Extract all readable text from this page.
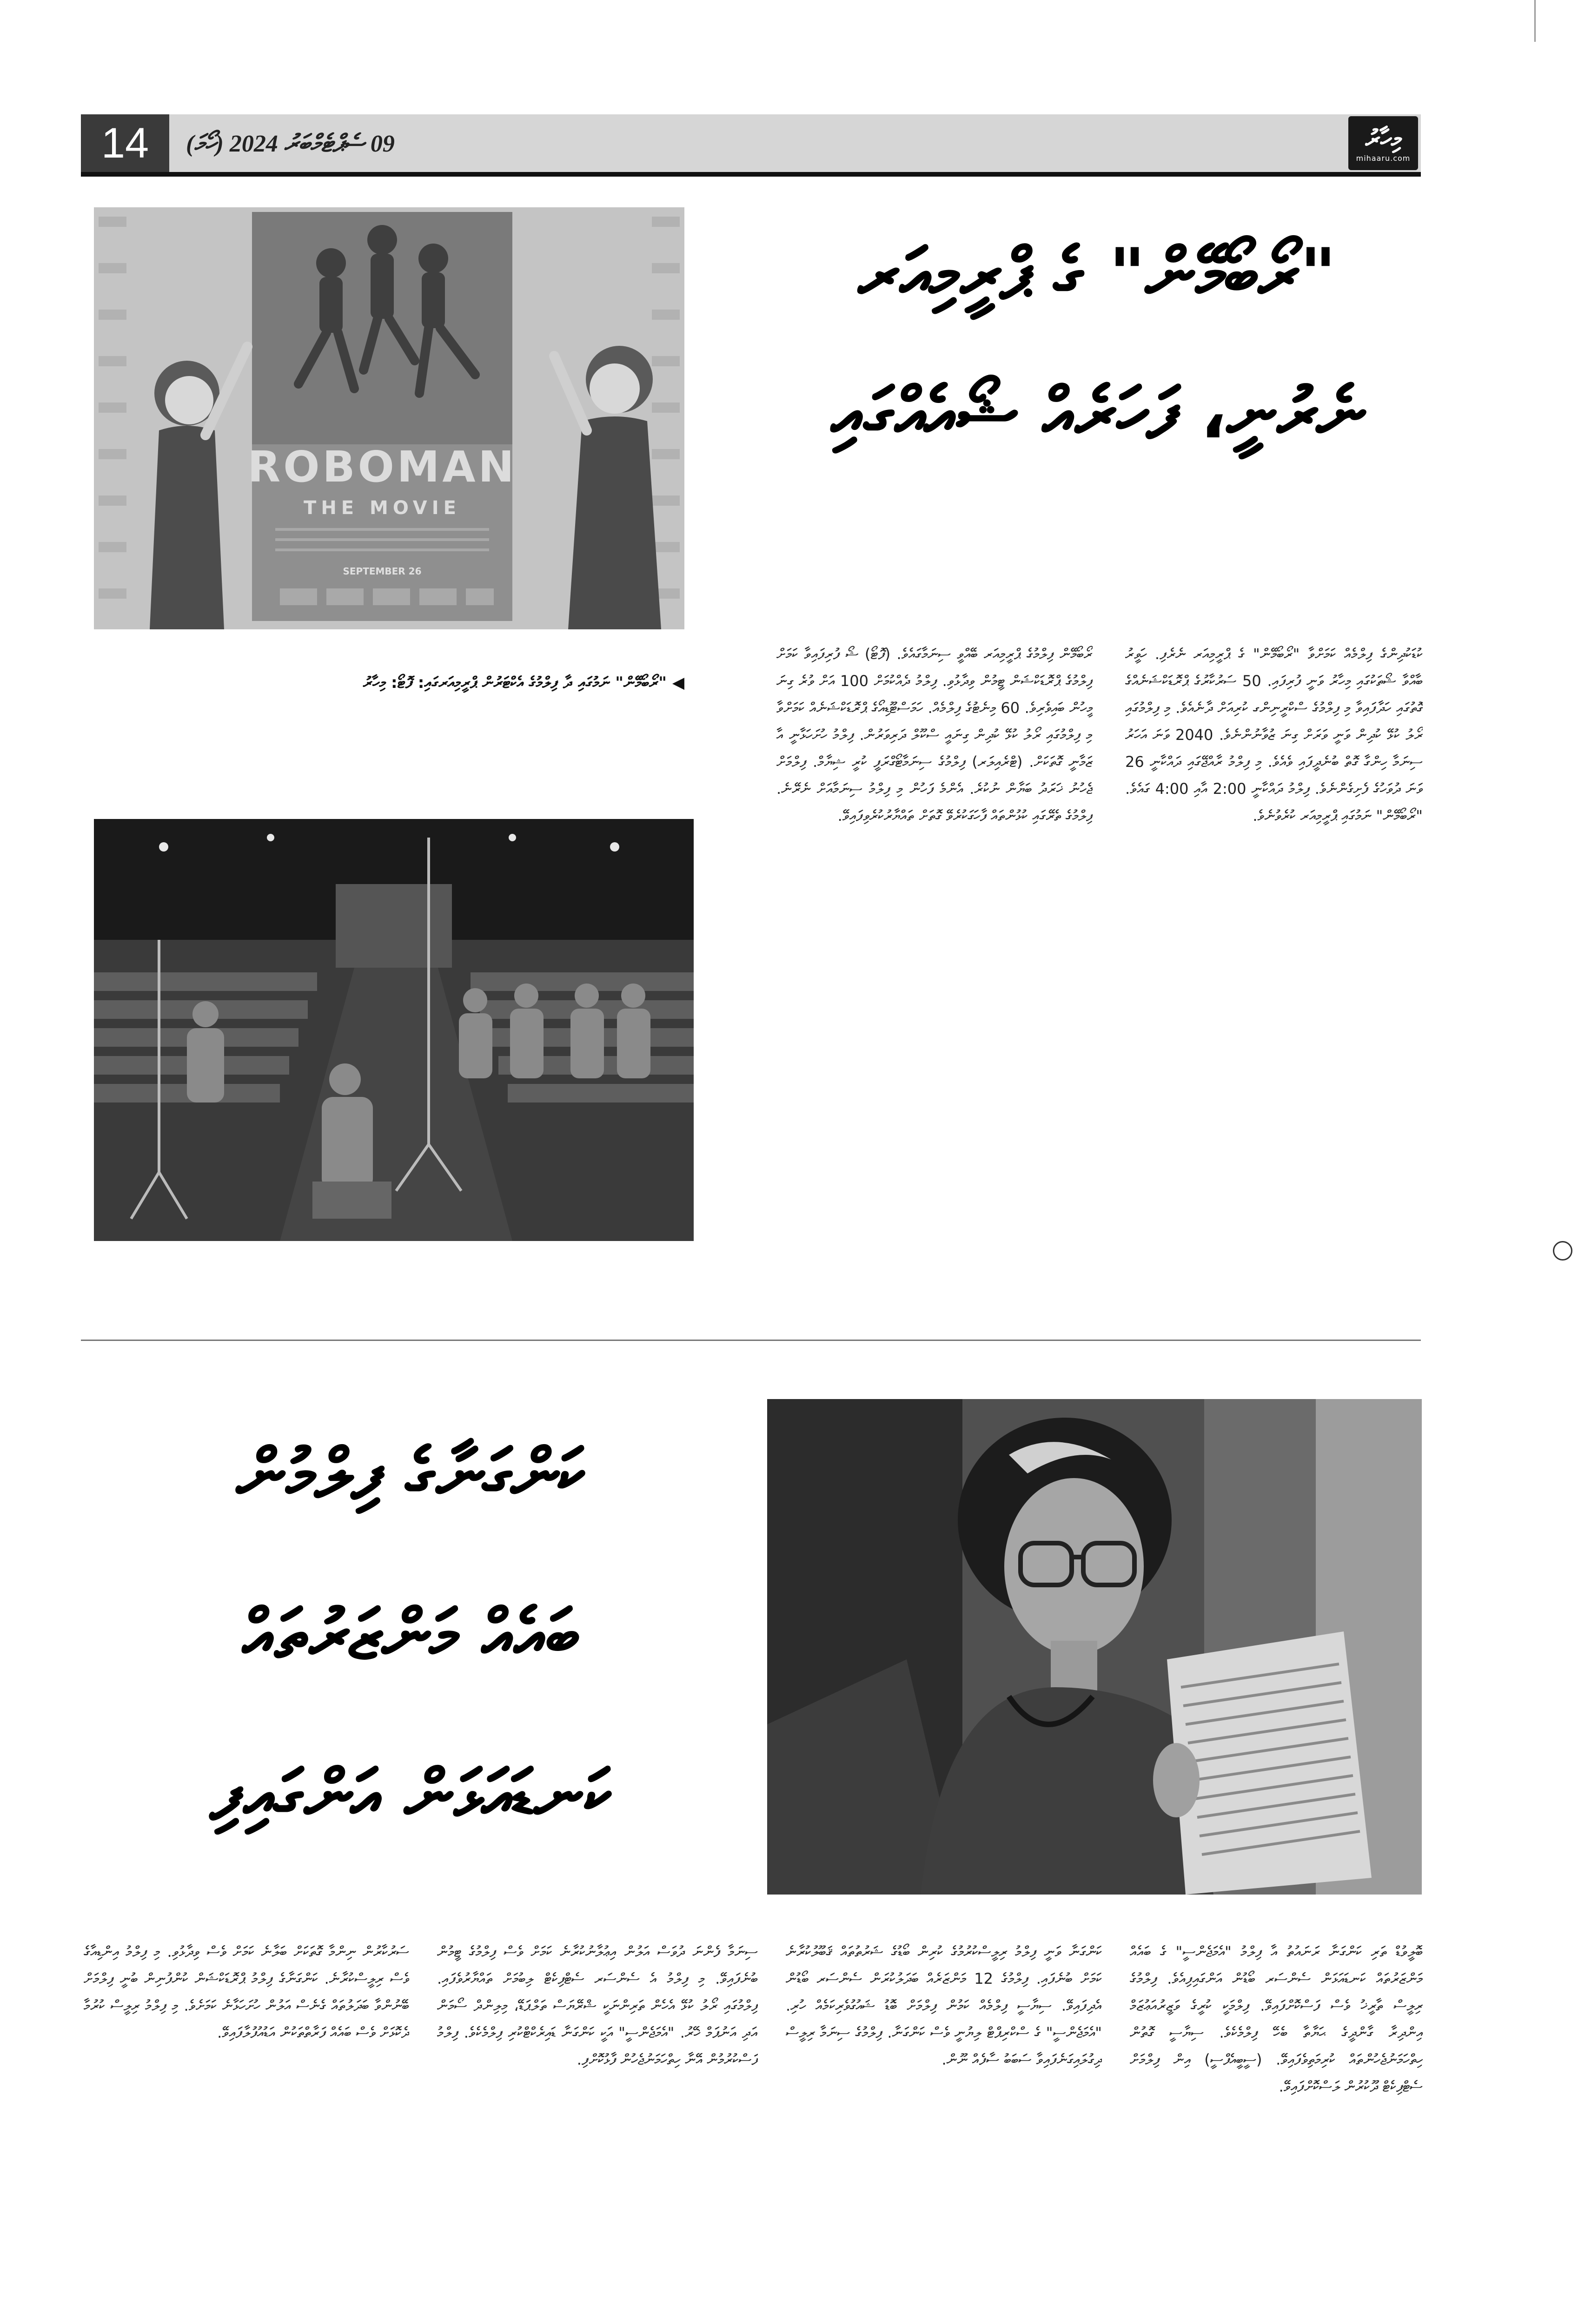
14	09 ސެޕްޓެމްބަރު 2024 (ހޯމަ)	މިހާރު
mihaaru.com
"ރޯބޯމޭން" ގެ ޕްރީމިއަރ
ނެރުނީ، ފަހަރެއް ޝޯއެއްގައި
ROBOMAN
THE MOVIE
SEPTEMBER 26
◀ "ރޯބޯމޭން" ނަމުގައި ދާ ފިލްމުގެ އެކްޓަރުން ޕްރީމިއަރގައި: ފޮޓޯ: މިހާރު
ކުޑަކުދިންގެ ފިލްމެއް ކަމަށްވާ "ރޯބޯމޭން" ގެ ޕްރީމިއަރ ނެރެފި. ހަވީރު ބާއްވާ ޝޯތަކުގައި މިހާރު ވަނީ ފުރިފައި. 50 ސަރުކާރުގެ ޕްރޮޑަކްޝަނެއްގެ ގޮތުގައި ހަދާފައިވާ މި ފިލްމުގެ ސްކްރީނިންގ ކުރިއަށް ދާނެއެވެ. މި ފިލްމުގައި ރޯލު ކުޅޭ ކުދިން ވަނީ ވަރަށް ގިނަ ޒުވާނުންނެވެ. 2040 ވަނަ އަހަރު ސިނަމާ ހިންގާ ގޮތް ބުނެދީފައި ވެއެވެ. މި ފިލްމު ރާއްޖޭގައި ދައްކާނީ 26 ވަނަ ދުވަހުގެ ފެށިގެންނެވެ. ފިލްމު ދައްކާނީ 2:00 އާއި 4:00 ގައެވެ. "ރޯބޯމޭން" ނަމުގައި ޕްރީމިއަރ ކުރެވުނެވެ.
ރޯބޯމޭން ފިލްމުގެ ޕްރީމިއަރ ބޭއްވީ ސިނަމާގައެވެ. (ފޮޓޯ) ޝޯ ފުރިފައިވާ ކަމަށް ފިލްމުގެ ޕްރޮޑަކްޝަން ޓީމުން ވިދާޅުވި. ފިލްމު ދެއްކުމަށް 100 އަށް ވުރެ ގިނަ މީހުން ބައިވެރިވެ. 60 މިނެޓުގެ ފިލްމެއް. ހަމަސްޓޫޑިއޯގެ ޕްރޮޑަކްޝަނެއް ކަމަށްވާ މި ފިލްމުގައި ރޯލު ކުޅޭ ކުދިން ގިނައީ ސްކޫލް ދަރިވަރުން. ފިލްމު ހުށަހަޅާނީ އާ ޒަމާނީ ގޮތަކަށް. (ޓްރެއިލަރ) ފިލްމުގެ ސިނަމާޓޯގްރަފީ ކުރީ ޝިޔާމް. ފިލްމަށް ޖެހުނު ޚަރަދު ބަޔާން ނުކުރެ. އެންމެ ފަހުން މި ފިލްމު ސިނަމާއަށް ނެރޭނެ. ފިލްމުގެ ތެރޭގައި ކުޅުންތައް ފާހަގަކުރެވޭ ގޮތަށް ތައްޔާރުކުރެވިފައިވޭ.
ކަންގަނާގެ ފިލްމުން
ބައެއް މަންޒަރުތައް
ކަނޑައަޅަން އަންގައިފި
ބޮލީވުޑް ތަރި ކަންގަނާ ރަނައުތު އާ ފިލްމު "އެމަޖެންސީ" ގެ ބައެއް މަންޒަރުތައް ކަނޑައަޅަން ސެންސަރ ބޯޑުން އަންގައިފިއެވެ. ފިލްމުގެ ރިލީސް ތާރީޚު ވެސް ފަސްކޮށްފައިވޭ. ފިލްމަކީ ކުރީގެ ވަޒީރުއަޢުޒަމް އިންދިރާ ގާންދީގެ ޙަޔާތާ ބެހޭ ފިލްމެކެވެ. ސިޔާސީ ގޮތުން ހިތްހަމަނުޖެހުންތައް ކުރިމަތިވެފައިވޭ. (ސީބީއެފްސީ) އިން ފިލްމަށް ސެޓްފިކެޓް ދޫކުރުން ލަސްކޮށްފައިވޭ.
ކަންގަނާ ވަނީ ފިލްމު ރިލީސްކުރުމުގެ ކުރިން ބޯޑުގެ ޝަރުތުތައް ޤަބޫލުކުރާނެ ކަމަށް ބުނެފައި. ފިލްމުގެ 12 މަންޒަރެއް ބަދަލުކުރަން ސެންސަރ ބޯޑުން އެދިފައިވޭ. ސިޔާސީ ފިލްމެއް ކަމުން ފިލްމަށް ބޮޑު ޝައުގުވެރިކަމެއް ހުރި. "އެމަޖެންސީ" ގެ ސްކްރިޕްޓް ލިޔުނީ ވެސް ކަންގަނާ. ފިލްމުގެ ސިނަމާ ރިލީސް ދިގުލައިގަނެފައިވާ ސަބަބު ސާފެއް ނޫން.
ސިނަމާ ފެންނަ ދުވަސް އަލުން އިޢުލާނުކުރާނެ ކަމަށް ވެސް ފިލްމުގެ ޓީމުން ބުނެފައިވޭ. މި ފިލްމު އެ ސެންސަރ ސެޓްފިކެޓް ލިބުމަށް ތައްޔާރުވެފައި. ފިލްމުގައި ރޯލު ކުޅޭ އެހެން ތަރިންނަކީ ޝްރޭޔަސް ތަލްޕަޑޭ، މިލިންދް ސޯމަން އަދި އަނުޕަމް ޚޭރު. "އެމަޖެންސީ" އަކީ ކަންގަނާ ޑައިރެކްޓްކުރި ފިލްމެކެވެ. ފިލްމު ފަސްކުރުމުން އޭނާ ހިތްހަމަނުޖެހުން ފާޅުކޮށްފި.
ސަރުކާރުން ނިންމާ ގޮތަކަށް ބަލާނެ ކަމަށް ވެސް ވިދާޅުވި. މި ފިލްމު އިންޑިއާގެ ވެސް ރިލީސްކުރާނެ. ކަންގަނާގެ ފިލްމު ޕްރޮޑަކްޝަން ކުންފުނިން ބުނީ ފިލްމަށް ބޭނުންވާ ބަދަލުތައް ގެނެސް އަލުން ހުށަހަޅާނެ ކަމަށެވެ. މި ފިލްމު ރިލީސް ކުރުމާ ދެކޮޅަށް ވެސް ބައެއް ފަރާތްތަކުން އަޑުއުފުލާފައިވޭ.
